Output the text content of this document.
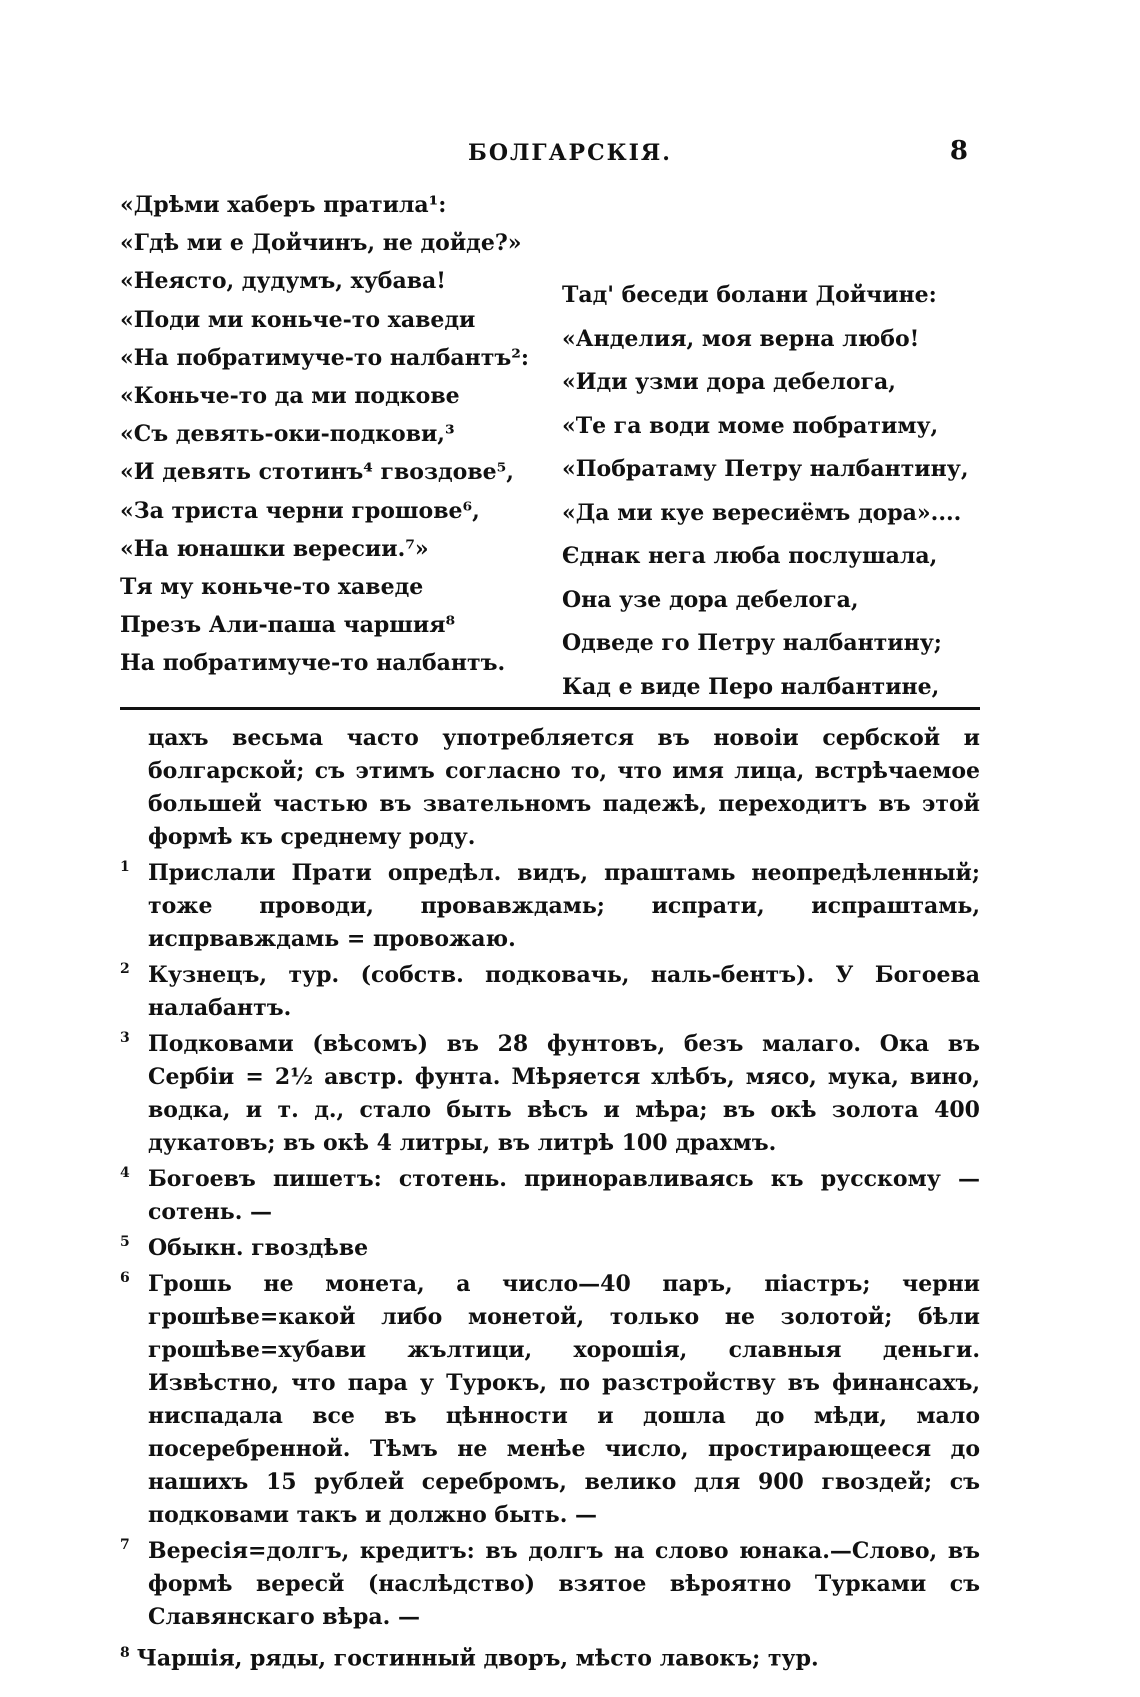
БОЛГАРСКІЯ.	8
«Дрѣми хаберъ пратила¹:
«Гдѣ ми е Дойчинъ, не дойде?»
«Неясто, дудумъ, хубава!
«Поди ми коньче-то хаведи
«На побратимуче-то налбантъ²:
«Коньче-то да ми подкове
«Съ девять-оки-подкови,³
«И девять стотинъ⁴ гвоздове⁵,
«За триста черни грошове⁶,
«На юнашки вересии.⁷»
Тя му коньче-то хаведе
Презъ Али-паша чаршия⁸
На побратимуче-то налбантъ.
Тад' беседи болани Дойчине:
«Анделия, моя верна любо!
«Иди узми дора дебелога,
«Те га води моме побратиму,
«Побратаму Петру налбантину,
«Да ми куе вересиёмъ дора»....
Єднак нега люба послушала,
Она узе дора дебелога,
Одведе го Петру налбантину;
Кад е виде Перо налбантине,
цахъ весьма часто употребляется въ новоіи сербской и болгарской; съ этимъ согласно то, что имя лица, встрѣчаемое большей частью въ звательномъ падежѣ, переходитъ въ этой формѣ къ среднему роду.
1 Прислали Прати опредѣл. видъ, праштамь неопредѣленный; тоже проводи, провавждамь; испрати, испраштамь, испрвавждамь = провожаю.
2 Кузнецъ, тур. (собств. подковачь, наль-бентъ). У Богоева налабантъ.
3 Подковами (вѣсомъ) въ 28 фунтовъ, безъ малаго. Ока въ Сербіи = 2½ австр. фунта. Мѣряется хлѣбъ, мясо, мука, вино, водка, и т. д., стало быть вѣсъ и мѣра; въ окѣ золота 400 дукатовъ; въ окѣ 4 литры, въ литрѣ 100 драхмъ.
4 Богоевъ пишетъ: стотень. приноравливаясь къ русскому — сотень. —
5 Обыкн. гвоздѣве
6 Грошь не монета, а число—40 паръ, піастръ; черни грошѣве=какой либо монетой, только не золотой; бѣли грошѣве=хубави жълтици, хорошія, славныя деньги. Извѣстно, что пара у Турокъ, по разстройству въ финансахъ, ниспадала все въ цѣнности и дошла до мѣди, мало посеребренной. Тѣмъ не менѣе число, простирающееся до нашихъ 15 рублей серебромъ, велико для 900 гвоздей; съ подковами такъ и должно быть. —
7 Вересія=долгъ, кредитъ: въ долгъ на слово юнака.—Слово, въ формѣ вересй (наслѣдство) взятое вѣроятно Турками съ Славянскаго вѣра. —
$^8$ Чаршія, ряды, гостинный дворъ, мѣсто лавокъ; тур.
